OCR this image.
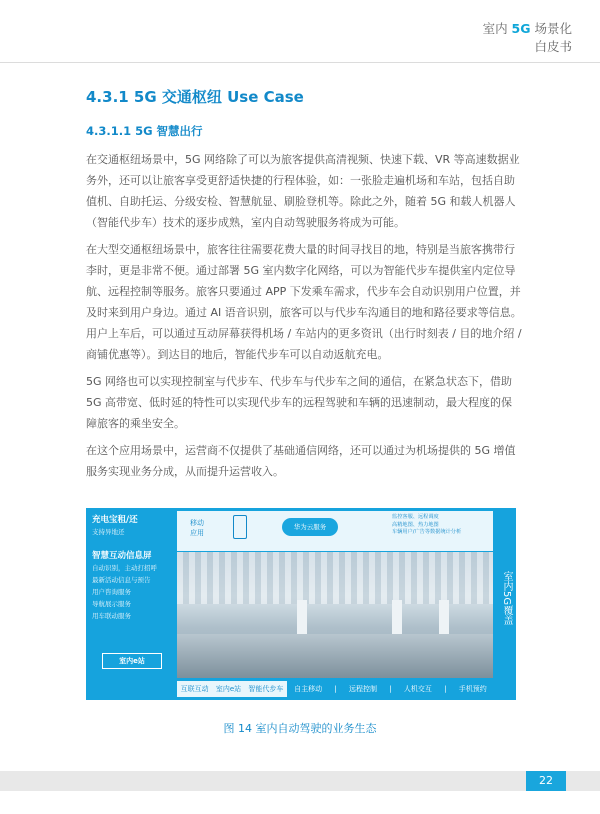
室内 5G 场景化
白皮书
4.3.1 5G 交通枢纽 Use Case
4.3.1.1 5G 智慧出行

在交通枢纽场景中，5G 网络除了可以为旅客提供高清视频、快速下载、VR 等高速数据业务外，还可以让旅客享受更舒适快捷的行程体验，如：一张脸走遍机场和车站，包括自助值机、自助托运、分级安检、智慧航显、刷脸登机等。除此之外，随着 5G 和载人机器人（智能代步车）技术的逐步成熟，室内自动驾驶服务将成为可能。

在大型交通枢纽场景中，旅客往往需要花费大量的时间寻找目的地，特别是当旅客携带行李时，更是非常不便。通过部署 5G 室内数字化网络，可以为智能代步车提供室内定位导航、远程控制等服务。旅客只要通过 APP 下发乘车需求，代步车会自动识别用户位置，并及时来到用户身边。通过 AI 语音识别，旅客可以与代步车沟通目的地和路径要求等信息。用户上车后，可以通过互动屏幕获得机场 / 车站内的更多资讯（出行时刻表 / 目的地介绍 / 商铺优惠等）。到达目的地后，智能代步车可以自动返航充电。

5G 网络也可以实现控制室与代步车、代步车与代步车之间的通信，在紧急状态下，借助 5G 高带宽、低时延的特性可以实现代步车的远程驾驶和车辆的迅速制动，最大程度的保障旅客的乘坐安全。

在这个应用场景中，运营商不仅提供了基础通信网络，还可以通过为机场提供的 5G 增值服务实现业务分成，从而提升运营收入。

充电宝租/还
支持异地还
智慧互动信息屏
自动识别，主动打招呼
最新活动信息与预告
用户咨询服务
导航展示服务
用车联动服务
室内e站
移动
应用
华为云服务
监控客服、远程调度
高精地图、热力地图
车辆用户/广告等数据统计分析
室内5G覆盖
互联互动 室内e站 智能代步车 自主移动 | 远程控制 | 人机交互 | 手机预约
图 14 室内自动驾驶的业务生态
22
